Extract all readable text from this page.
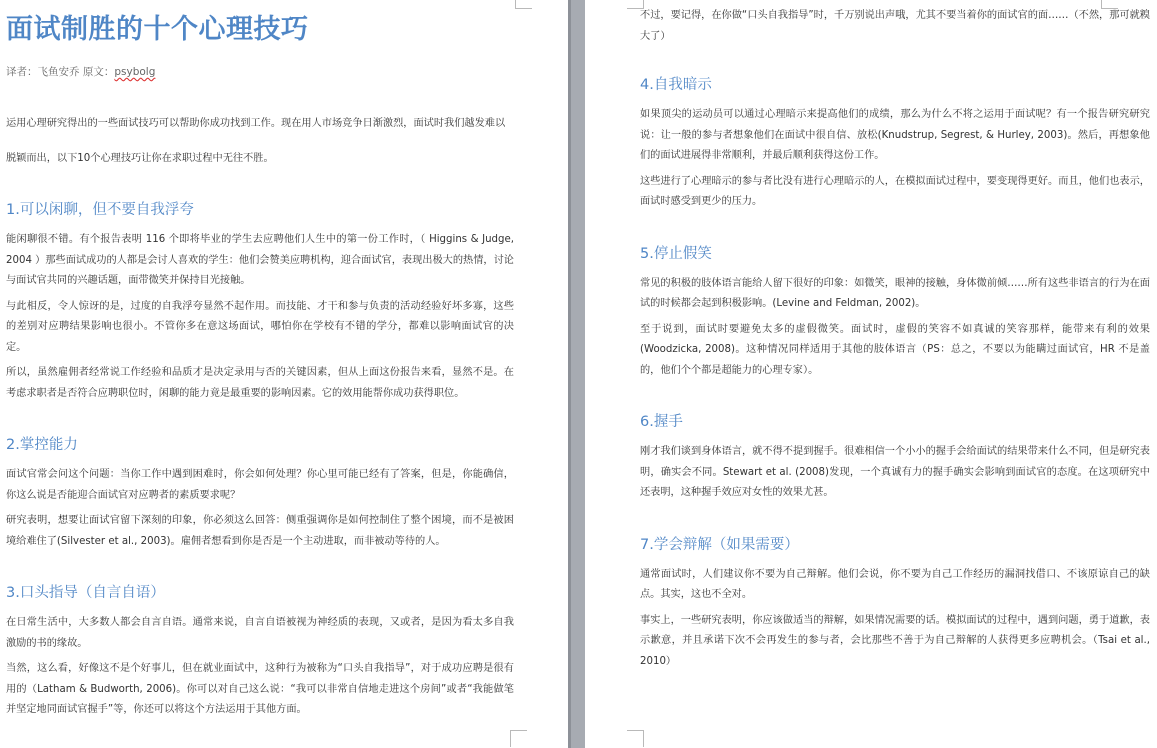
面试制胜的十个心理技巧
译者：飞鱼安乔 原文：psybolg

运用心理研究得出的一些面试技巧可以帮助你成功找到工作。现在用人市场竞争日渐激烈，面试时我们越发难以

脱颖而出，以下10个心理技巧让你在求职过程中无往不胜。

1.可以闲聊，但不要自我浮夸

能闲聊很不错。有个报告表明 116 个即将毕业的学生去应聘他们人生中的第一份工作时，（ Higgins & Judge, 2004 ）那些面试成功的人都是会讨人喜欢的学生：他们会赞美应聘机构，迎合面试官，表现出极大的热情，讨论与面试官共同的兴趣话题，面带微笑并保持目光接触。

与此相反，令人惊讶的是，过度的自我浮夸显然不起作用。而技能、才干和参与负责的活动经验好坏多寡，这些的差别对应聘结果影响也很小。不管你多在意这场面试，哪怕你在学校有不错的学分，都难以影响面试官的决定。

所以，虽然雇佣者经常说工作经验和品质才是决定录用与否的关键因素，但从上面这份报告来看，显然不是。在考虑求职者是否符合应聘职位时，闲聊的能力竟是最重要的影响因素。它的效用能帮你成功获得职位。

2.掌控能力

面试官常会问这个问题：当你工作中遇到困难时，你会如何处理？你心里可能已经有了答案，但是，你能确信，你这么说是否能迎合面试官对应聘者的素质要求呢？

研究表明，想要让面试官留下深刻的印象，你必须这么回答：侧重强调你是如何控制住了整个困境，而不是被困境给难住了(Silvester et al., 2003)。雇佣者想看到你是否是一个主动进取，而非被动等待的人。

3.口头指导（自言自语）

在日常生活中，大多数人都会自言自语。通常来说，自言自语被视为神经质的表现，又或者，是因为看太多自我激励的书的缘故。

当然，这么看，好像这不是个好事儿，但在就业面试中，这种行为被称为“口头自我指导”，对于成功应聘是很有用的（Latham & Budworth, 2006)。你可以对自己这么说：“我可以非常自信地走进这个房间”或者“我能做笔并坚定地同面试官握手”等，你还可以将这个方法运用于其他方面。

不过，要记得，在你做“口头自我指导”时，千万别说出声哦，尤其不要当着你的面试官的面……（不然，那可就糗大了）

4.自我暗示

如果顶尖的运动员可以通过心理暗示来提高他们的成绩，那么为什么不将之运用于面试呢？有一个报告研究研究说：让一般的参与者想象他们在面试中很自信、放松(Knudstrup, Segrest, & Hurley, 2003)。然后，再想象他们的面试进展得非常顺利，并最后顺利获得这份工作。

这些进行了心理暗示的参与者比没有进行心理暗示的人，在模拟面试过程中，要变现得更好。而且，他们也表示，面试时感受到更少的压力。

5.停止假笑

常见的积极的肢体语言能给人留下很好的印象：如微笑，眼神的接触，身体微前倾……所有这些非语言的行为在面试的时候都会起到积极影响。(Levine and Feldman, 2002)。

至于说到，面试时要避免太多的虚假微笑。面试时，虚假的笑容不如真诚的笑容那样，能带来有利的效果(Woodzicka, 2008)。这种情况同样适用于其他的肢体语言（PS：总之，不要以为能瞒过面试官，HR 不是盖的，他们个个都是超能力的心理专家）。

6.握手

刚才我们谈到身体语言，就不得不提到握手。很难相信一个小小的握手会给面试的结果带来什么不同，但是研究表明，确实会不同。Stewart et al. (2008)发现，一个真诚有力的握手确实会影响到面试官的态度。在这项研究中还表明，这种握手效应对女性的效果尤甚。

7.学会辩解（如果需要）

通常面试时，人们建议你不要为自己辩解。他们会说，你不要为自己工作经历的漏洞找借口、不该原谅自己的缺点。其实，这也不全对。

事实上，一些研究表明，你应该做适当的辩解，如果情况需要的话。模拟面试的过程中，遇到问题，勇于道歉，表示歉意，并且承诺下次不会再发生的参与者，会比那些不善于为自己辩解的人获得更多应聘机会。（Tsai et al., 2010）
